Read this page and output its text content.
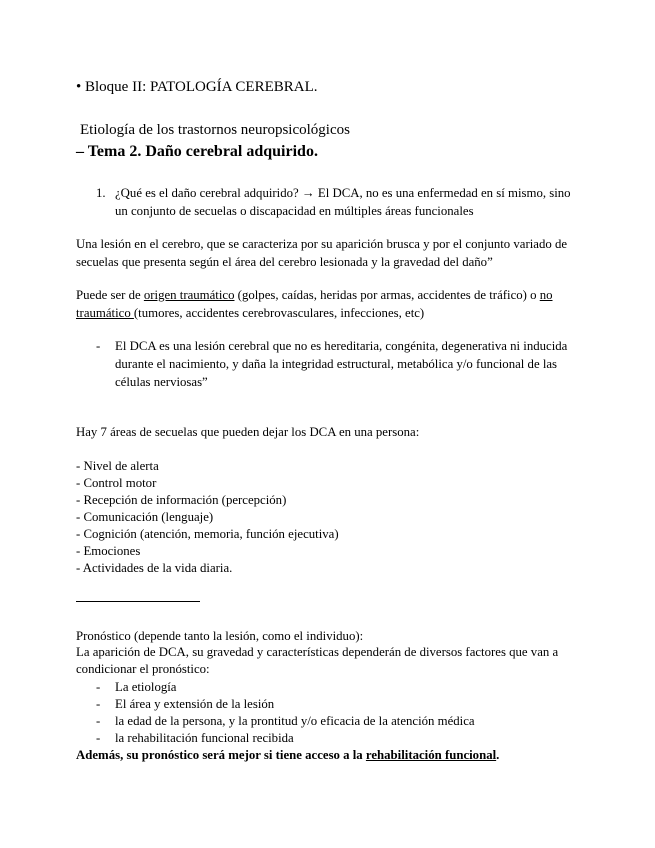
• Bloque II: PATOLOGÍA CEREBRAL.
Etiología de los trastornos neuropsicológicos
– Tema 2. Daño cerebral adquirido.
1. ¿Qué es el daño cerebral adquirido? → El DCA, no es una enfermedad en sí mismo, sino
un conjunto de secuelas o discapacidad en múltiples áreas funcionales
Una lesión en el cerebro, que se caracteriza por su aparición brusca y por el conjunto variado de
secuelas que presenta según el área del cerebro lesionada y la gravedad del daño”
Puede ser de origen traumático (golpes, caídas, heridas por armas, accidentes de tráfico) o no
traumático (tumores, accidentes cerebrovasculares, infecciones, etc)
- El DCA es una lesión cerebral que no es hereditaria, congénita, degenerativa ni inducida
durante el nacimiento, y daña la integridad estructural, metabólica y/o funcional de las
células nerviosas”
Hay 7 áreas de secuelas que pueden dejar los DCA en una persona:
- Nivel de alerta
- Control motor
- Recepción de información (percepción)
- Comunicación (lenguaje)
- Cognición (atención, memoria, función ejecutiva)
- Emociones
- Actividades de la vida diaria.
Pronóstico (depende tanto la lesión, como el individuo):
La aparición de DCA, su gravedad y características dependerán de diversos factores que van a
condicionar el pronóstico:
- La etiología
- El área y extensión de la lesión
- la edad de la persona, y la prontitud y/o eficacia de la atención médica
- la rehabilitación funcional recibida
Además, su pronóstico será mejor si tiene acceso a la rehabilitación funcional.
